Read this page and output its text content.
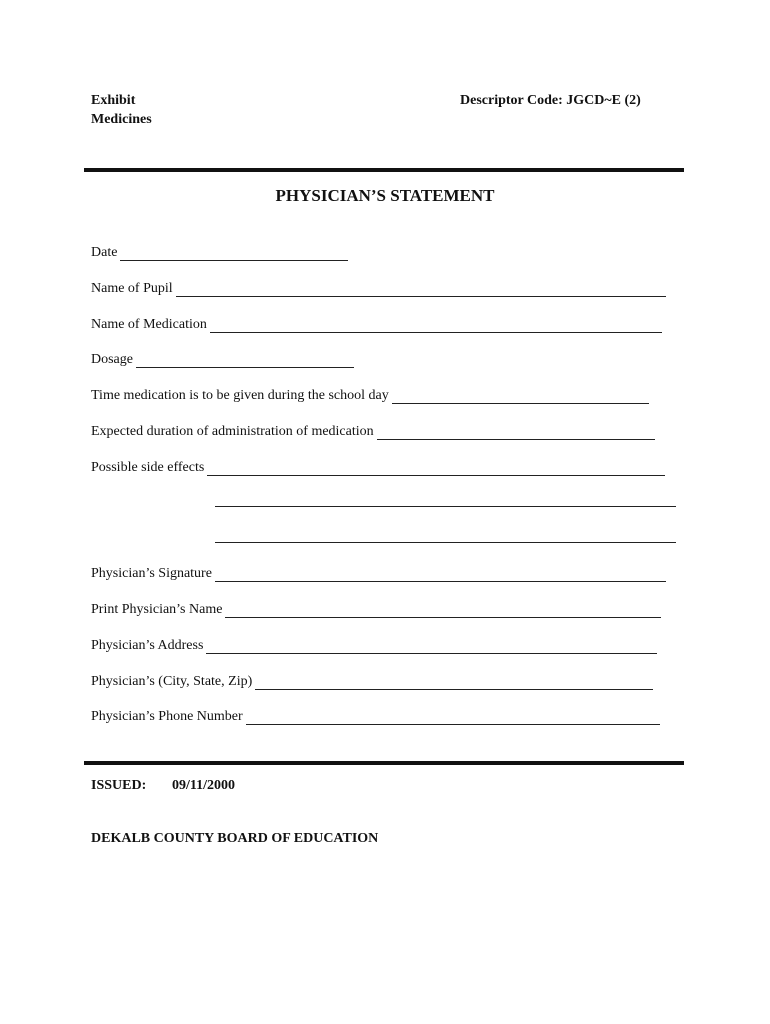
Exhibit
Medicines
Descriptor Code: JGCD~E (2)
PHYSICIAN’S STATEMENT
Date
Name of Pupil
Name of Medication
Dosage
Time medication is to be given during the school day
Expected duration of administration of medication
Possible side effects
Physician’s Signature
Print Physician’s Name
Physician’s Address
Physician’s (City, State, Zip)
Physician’s Phone Number
ISSUED: 09/11/2000
DEKALB COUNTY BOARD OF EDUCATION
